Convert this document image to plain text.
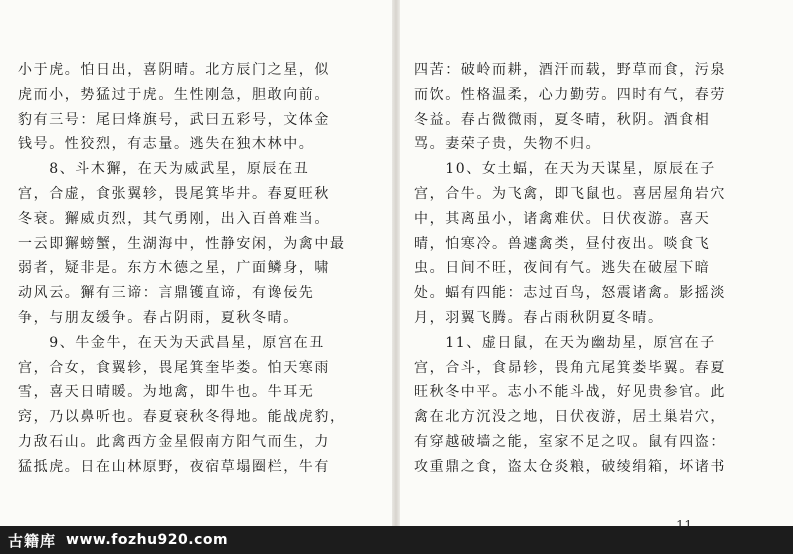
小于虎。怕日出，喜阴晴。北方辰门之星，似
虎而小，势猛过于虎。生性刚急，胆敢向前。
豹有三号：尾曰烽旗号，武曰五彩号，文体金
钱号。性狡烈，有志量。逃失在独木林中。
　　8、斗木獬，在天为威武星，原辰在丑
宫，合虚，食张翼轸，畏尾箕毕井。春夏旺秋
冬衰。獬威贞烈，其气勇刚，出入百兽难当。
一云即獬螃蟹，生湖海中，性静安闲，为禽中最
弱者，疑非是。东方木德之星，广面鳞身，啸
动风云。獬有三谛：言鼎镬直谛，有谗佞先
争，与朋友缓争。春占阴雨，夏秋冬晴。
　　9、牛金牛，在天为天武昌星，原宫在丑
宫，合女，食翼轸，畏尾箕奎毕娄。怕天寒雨
雪，喜天日晴暖。为地禽，即牛也。牛耳无
窍，乃以鼻听也。春夏衰秋冬得地。能战虎豹，
力敌石山。此禽西方金星假南方阳气而生，力
猛抵虎。日在山林原野，夜宿草塌圈栏，牛有
四苦：破岭而耕，酒汗而载，野草而食，污泉
而饮。性格温柔，心力勤劳。四时有气，春劳
冬益。春占微微雨，夏冬晴，秋阴。酒食相
骂。妻荣子贵，失物不归。
　　10、女土蝠，在天为天谋星，原辰在子
宫，合牛。为飞禽，即飞鼠也。喜居屋角岩穴
中，其离虽小，诸禽难伏。日伏夜游。喜天
晴，怕寒冷。兽遽禽类，昼付夜出。啖食飞
虫。日间不旺，夜间有气。逃失在破屋下暗
处。蝠有四能：志过百鸟，怒震诸禽。影摇淡
月，羽翼飞腾。春占雨秋阴夏冬晴。
　　11、虚日鼠，在天为幽劫星，原宫在子
宫，合斗，食昴轸，畏角亢尾箕娄毕翼。春夏
旺秋冬中平。志小不能斗战，好见贵参官。此
禽在北方沉没之地，日伏夜游，居土巢岩穴，
有穿越破墙之能，室家不足之叹。鼠有四盗：
攻重鼎之食，盗太仓炎粮，破绫绢箱，坏诸书
古籍库 www.fozhu920.com
